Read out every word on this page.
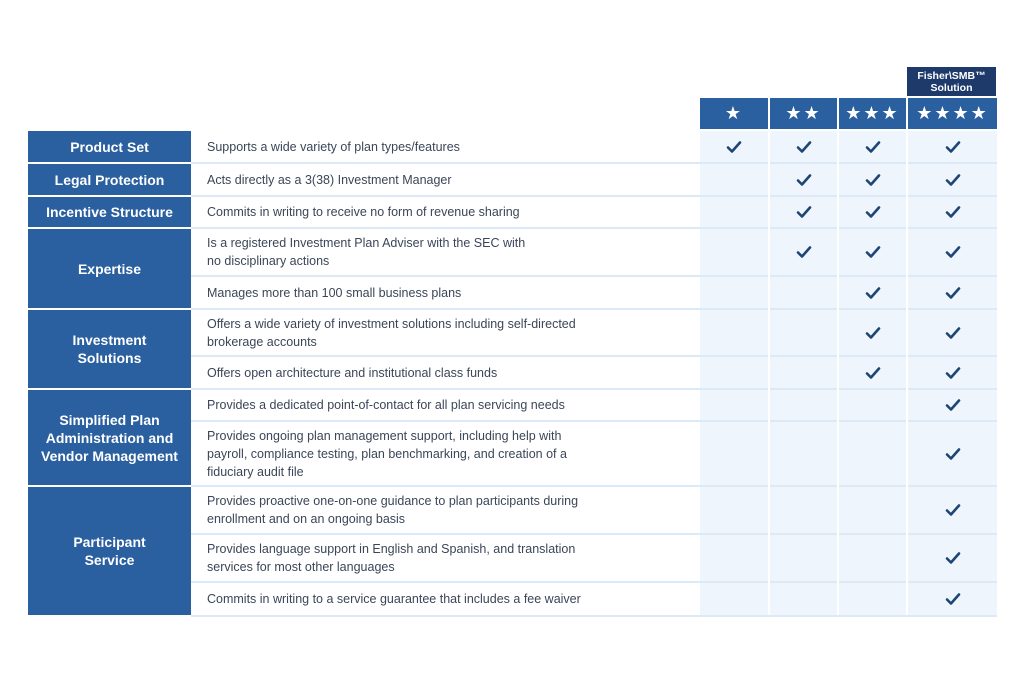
Fisher\SMB™
Solution
★	★★	★★★ ★★★★
Supports a wide variety of plan types/features
Acts directly as a 3(38) Investment Manager
Commits in writing to receive no form of revenue sharing
Is a registered Investment Plan Adviser with the SEC with
no disciplinary actions
Manages more than 100 small business plans
Offers a wide variety of investment solutions including self-directed
brokerage accounts
Offers open architecture and institutional class funds
Provides a dedicated point-of-contact for all plan servicing needs
Provides ongoing plan management support, including help with
payroll, compliance testing, plan benchmarking, and creation of a
fiduciary audit file
Provides proactive one-on-one guidance to plan participants during
enrollment and on an ongoing basis
Provides language support in English and Spanish, and translation
services for most other languages
Commits in writing to a service guarantee that includes a fee waiver
Product Set
Legal Protection
Incentive Structure
Expertise
Investment
Solutions
Simplified Plan
Administration and
Vendor Management
Participant
Service
